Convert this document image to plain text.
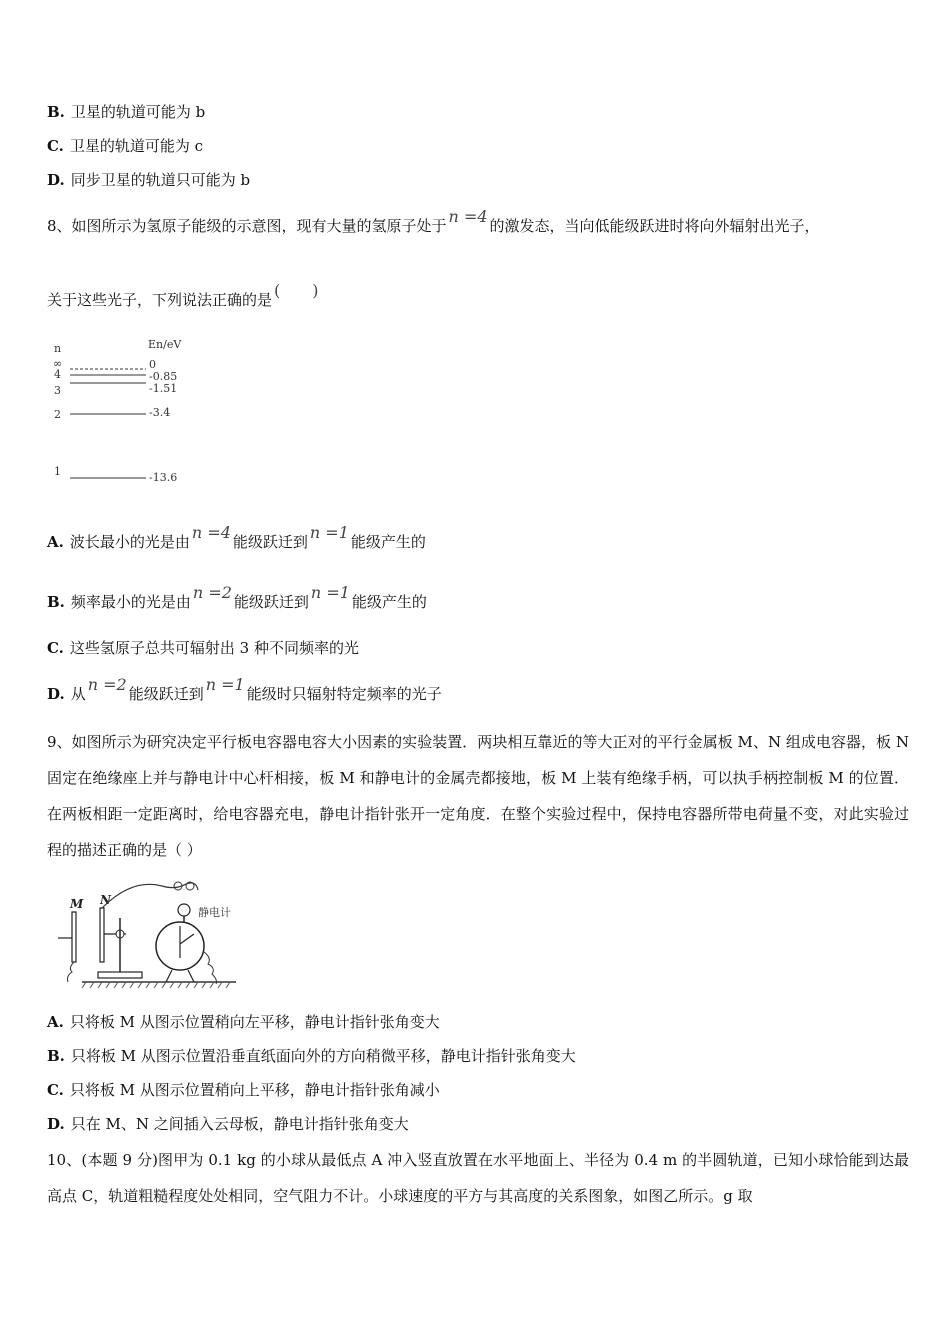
B. 卫星的轨道可能为 b
C. 卫星的轨道可能为 c
D. 同步卫星的轨道只可能为 b
8、如图所示为氢原子能级的示意图，现有大量的氢原子处于 n =4 的激发态，当向低能级跃进时将向外辐射出光子，
关于这些光子，下列说法正确的是 (　　)
n	En/eV
∞	0
4	-0.85
3	-1.51
2	-3.4
1	-13.6
A. 波长最小的光是由 n =4 能级跃迁到 n =1 能级产生的
B. 频率最小的光是由 n =2 能级跃迁到 n =1 能级产生的
C. 这些氢原子总共可辐射出 3 种不同频率的光
D. 从 n =2 能级跃迁到 n =1 能级时只辐射特定频率的光子
9、如图所示为研究决定平行板电容器电容大小因素的实验装置．两块相互靠近的等大正对的平行金属板 M、N 组成电容器，板 N 固定在绝缘座上并与静电计中心杆相接，板 M 和静电计的金属壳都接地，板 M 上装有绝缘手柄，可以执手柄控制板 M 的位置．在两板相距一定距离时，给电容器充电，静电计指针张开一定角度．在整个实验过程中，保持电容器所带电荷量不变，对此实验过程的描述正确的是（ ）
M N
静电计
A. 只将板 M 从图示位置稍向左平移，静电计指针张角变大
B. 只将板 M 从图示位置沿垂直纸面向外的方向稍微平移，静电计指针张角变大
C. 只将板 M 从图示位置稍向上平移，静电计指针张角减小
D. 只在 M、N 之间插入云母板，静电计指针张角变大
10、(本题 9 分)图甲为 0.1 kg 的小球从最低点 A 冲入竖直放置在水平地面上、半径为 0.4 m 的半圆轨道，已知小球恰能到达最高点 C，轨道粗糙程度处处相同，空气阻力不计。小球速度的平方与其高度的关系图象，如图乙所示。g 取
